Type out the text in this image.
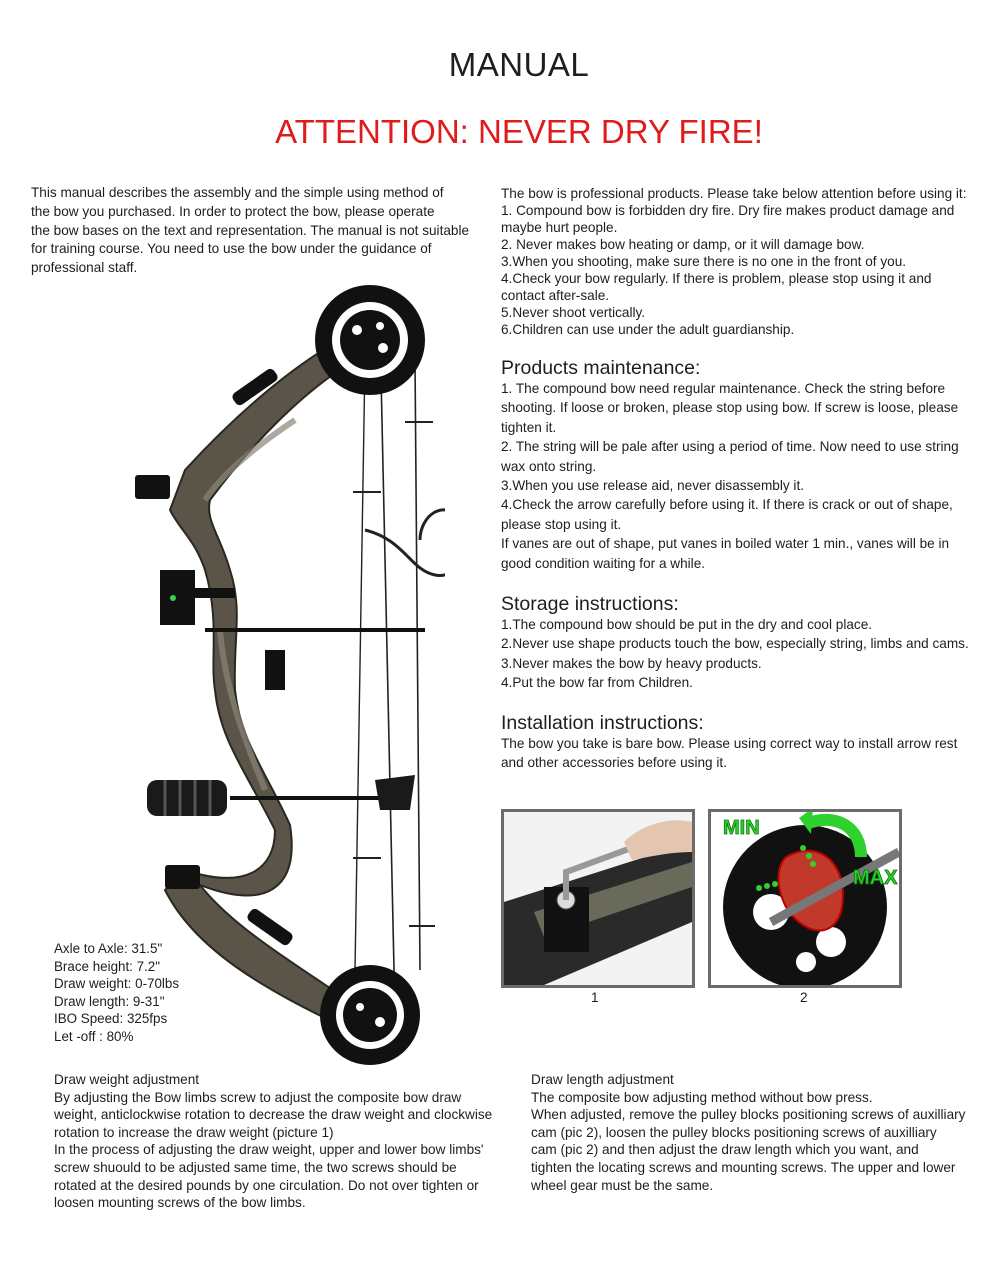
MANUAL
ATTENTION: NEVER DRY FIRE!

This manual describes the assembly and the simple using method of

the bow you purchased. In order to protect the bow, please operate

the bow bases on the text and representation. The manual is not suitable

for training course. You need to use the bow under the guidance of

professional staff.

The bow is professional products. Please take below attention before using it:

1. Compound bow is forbidden dry fire. Dry fire makes product damage and

maybe hurt people.

2. Never makes bow heating or damp, or it will damage bow.

3.When you shooting, make sure there is no one in the front of you.

4.Check your bow regularly. If there is problem, please stop using it and

contact after-sale.

5.Never shoot vertically.

6.Children can use under the adult guardianship.

Products maintenance:

1. The compound bow need regular maintenance. Check the string before

shooting. If loose or broken, please stop using bow. If screw is loose, please

tighten it.

2. The string will be pale after using a period of time. Now need to use string

wax onto string.

3.When you use release aid, never disassembly it.

4.Check the arrow carefully before using it. If there is crack or out of shape,

please stop using it.

If vanes are out of shape, put vanes in boiled water 1 min., vanes will be in

good condition waiting for a while.

Storage instructions:

1.The compound bow should be put in the dry and cool place.

2.Never use shape products touch the bow, especially string, limbs and cams.

3.Never makes the bow by heavy products.

4.Put the bow far from Children.

Installation instructions:

The bow you take is bare bow. Please using correct way to install arrow rest

and other accessories before using it.

Axle to Axle: 31.5"

Brace height: 7.2"

Draw weight: 0-70lbs

Draw length: 9-31"

IBO Speed: 325fps

Let -off : 80%

1
MIN
MAX
2

Draw weight adjustment

By adjusting the Bow limbs screw to adjust the composite bow draw

weight, anticlockwise rotation to decrease the draw weight and clockwise

rotation to increase the draw weight (picture 1)

In the process of adjusting the draw weight, upper and lower bow limbs'

screw shuould to be adjusted same time, the two screws should be

rotated at the desired pounds by one circulation. Do not over tighten or

loosen mounting screws of the bow limbs.

Draw length adjustment

The composite bow adjusting method without bow press.

When adjusted, remove the pulley blocks positioning screws of auxilliary

cam (pic 2), loosen the pulley blocks positioning screws of auxilliary

cam (pic 2) and then adjust the draw length which you want, and

tighten the locating screws and mounting screws. The upper and lower

wheel gear must be the same.
